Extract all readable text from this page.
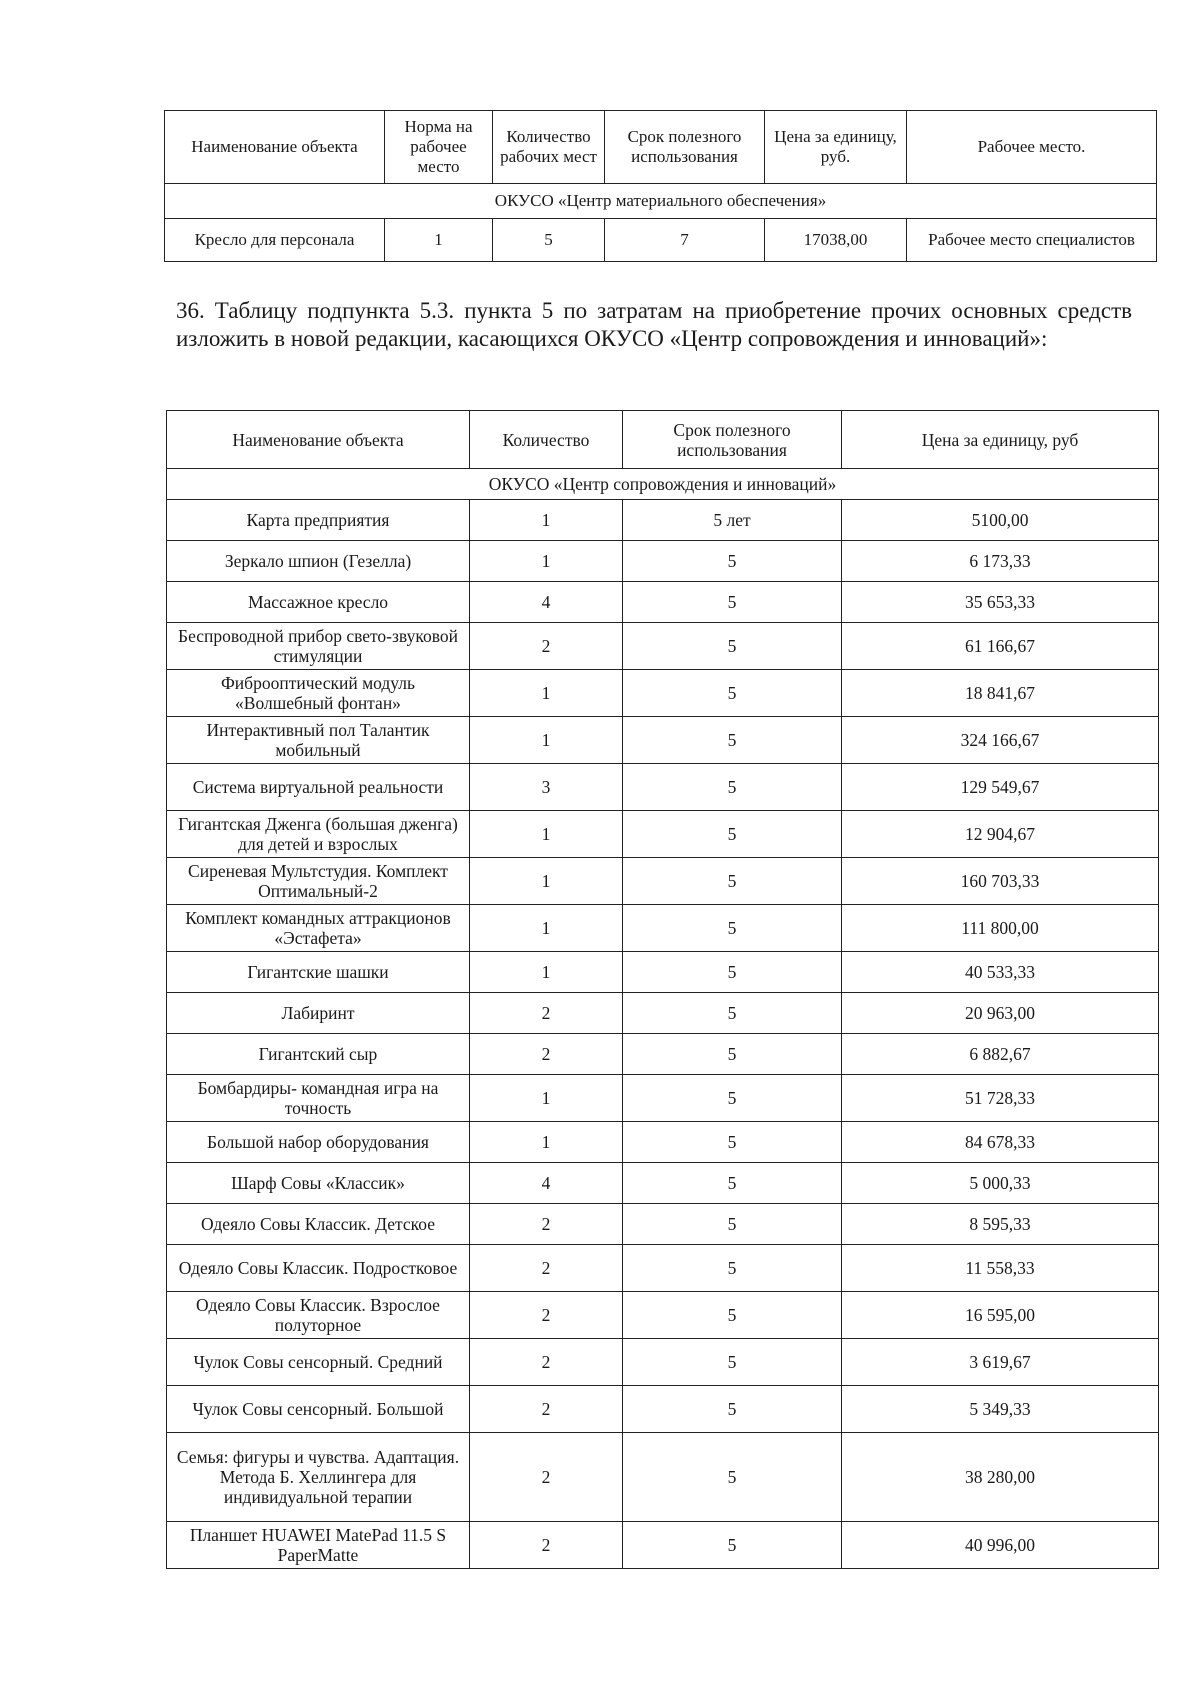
Наименование объекта	Норма на рабочее место	Количество рабочих мест	Срок полезного использования	Цена за единицу, руб.	Рабочее место.
ОКУСО «Центр материального обеспечения»					
Кресло для персонала	1	5	7	17038,00	Рабочее место специалистов

36. Таблицу подпункта 5.3. пункта 5 по затратам на приобретение прочих основных средств изложить в новой редакции, касающихся ОКУСО «Центр сопровождения и инноваций»:

Наименование объекта	Количество	Срок полезного использования	Цена за единицу, руб
ОКУСО «Центр сопровождения и инноваций»			
Карта предприятия	1	5 лет	5100,00
Зеркало шпион (Гезелла)	1	5	6 173,33
Массажное кресло	4	5	35 653,33
Беспроводной прибор свето-звуковой стимуляции	2	5	61 166,67
Фиброоптический модуль «Волшебный фонтан»	1	5	18 841,67
Интерактивный пол Талантик мобильный	1	5	324 166,67
Система виртуальной реальности	3	5	129 549,67
Гигантская Дженга (большая дженга) для детей и взрослых	1	5	12 904,67
Сиреневая Мультстудия. Комплект Оптимальный-2	1	5	160 703,33
Комплект командных аттракционов «Эстафета»	1	5	111 800,00
Гигантские шашки	1	5	40 533,33
Лабиринт	2	5	20 963,00
Гигантский сыр	2	5	6 882,67
Бомбардиры- командная игра на точность	1	5	51 728,33
Большой набор оборудования	1	5	84 678,33
Шарф Совы «Классик»	4	5	5 000,33
Одеяло Совы Классик. Детское	2	5	8 595,33
Одеяло Совы Классик. Подростковое	2	5	11 558,33
Одеяло Совы Классик. Взрослое полуторное	2	5	16 595,00
Чулок Совы сенсорный. Средний	2	5	3 619,67
Чулок Совы сенсорный. Большой	2	5	5 349,33
Семья: фигуры и чувства. Адаптация. Метода Б. Хеллингера для индивидуальной терапии	2	5	38 280,00
Планшет HUAWEI MatePad 11.5 S PaperMatte	2	5	40 996,00
